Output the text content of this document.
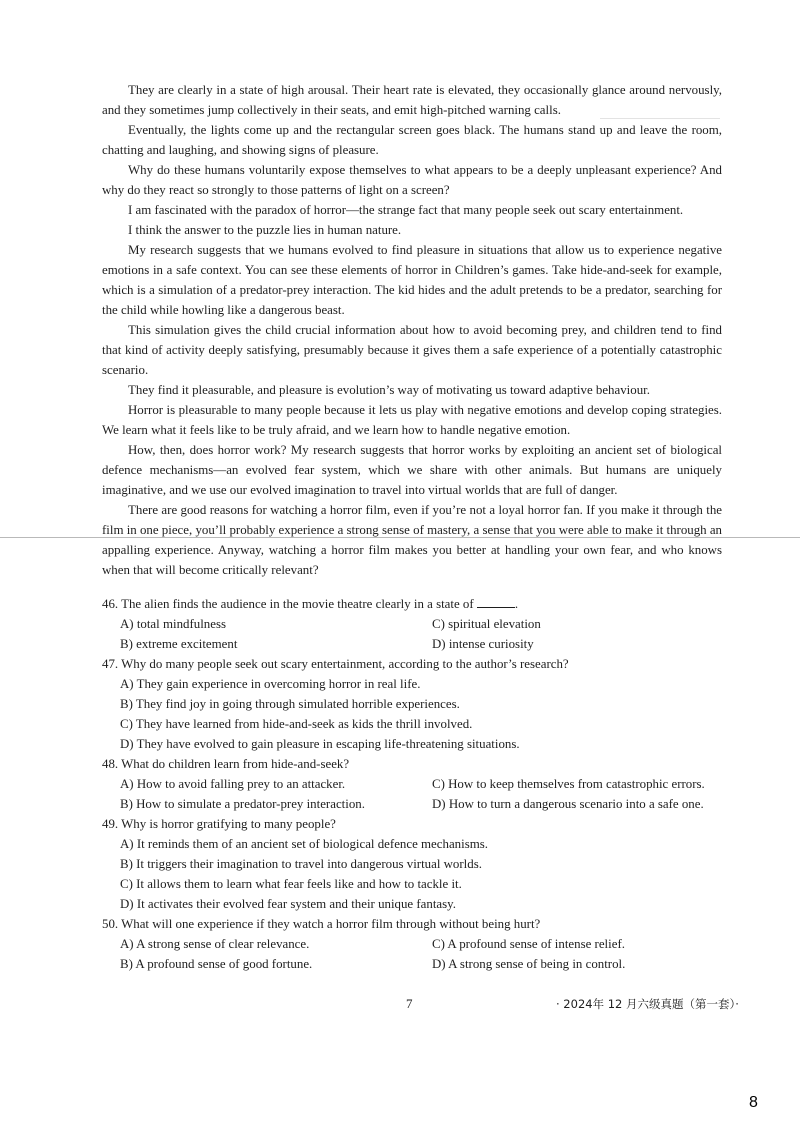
They are clearly in a state of high arousal. Their heart rate is elevated, they occasionally glance around nervously, and they sometimes jump collectively in their seats, and emit high-pitched warning calls.

Eventually, the lights come up and the rectangular screen goes black. The humans stand up and leave the room, chatting and laughing, and showing signs of pleasure.

Why do these humans voluntarily expose themselves to what appears to be a deeply unpleasant experience? And why do they react so strongly to those patterns of light on a screen?

I am fascinated with the paradox of horror—the strange fact that many people seek out scary entertainment.

I think the answer to the puzzle lies in human nature.

My research suggests that we humans evolved to find pleasure in situations that allow us to experience negative emotions in a safe context. You can see these elements of horror in Children’s games. Take hide-and-seek for example, which is a simulation of a predator-prey interaction. The kid hides and the adult pretends to be a predator, searching for the child while howling like a dangerous beast.

This simulation gives the child crucial information about how to avoid becoming prey, and children tend to find that kind of activity deeply satisfying, presumably because it gives them a safe experience of a potentially catastrophic scenario.

They find it pleasurable, and pleasure is evolution’s way of motivating us toward adaptive behaviour.

Horror is pleasurable to many people because it lets us play with negative emotions and develop coping strategies. We learn what it feels like to be truly afraid, and we learn how to handle negative emotion.

How, then, does horror work? My research suggests that horror works by exploiting an ancient set of biological defence mechanisms—an evolved fear system, which we share with other animals. But humans are uniquely imaginative, and we use our evolved imagination to travel into virtual worlds that are full of danger.

There are good reasons for watching a horror film, even if you’re not a loyal horror fan. If you make it through the film in one piece, you’ll probably experience a strong sense of mastery, a sense that you were able to make it through an appalling experience. Anyway, watching a horror film makes you better at handling your own fear, and who knows when that will become critically relevant?

46. The alien finds the audience in the movie theatre clearly in a state of	.
A) total mindfulness	C) spiritual elevation
B) extreme excitement	D) intense curiosity
47. Why do many people seek out scary entertainment, according to the author’s research?
A) They gain experience in overcoming horror in real life.
B) They find joy in going through simulated horrible experiences.
C) They have learned from hide-and-seek as kids the thrill involved.
D) They have evolved to gain pleasure in escaping life-threatening situations.
48. What do children learn from hide-and-seek?
A) How to avoid falling prey to an attacker.	C) How to keep themselves from catastrophic errors.
B) How to simulate a predator-prey interaction.	D) How to turn a dangerous scenario into a safe one.
49. Why is horror gratifying to many people?
A) It reminds them of an ancient set of biological defence mechanisms.
B) It triggers their imagination to travel into dangerous virtual worlds.
C) It allows them to learn what fear feels like and how to tackle it.
D) It activates their evolved fear system and their unique fantasy.
50. What will one experience if they watch a horror film through without being hurt?
A) A strong sense of clear relevance.	C) A profound sense of intense relief.
B) A profound sense of good fortune.	D) A strong sense of being in control.
7	· 2024年 12 月六级真题（第一套）·
8
